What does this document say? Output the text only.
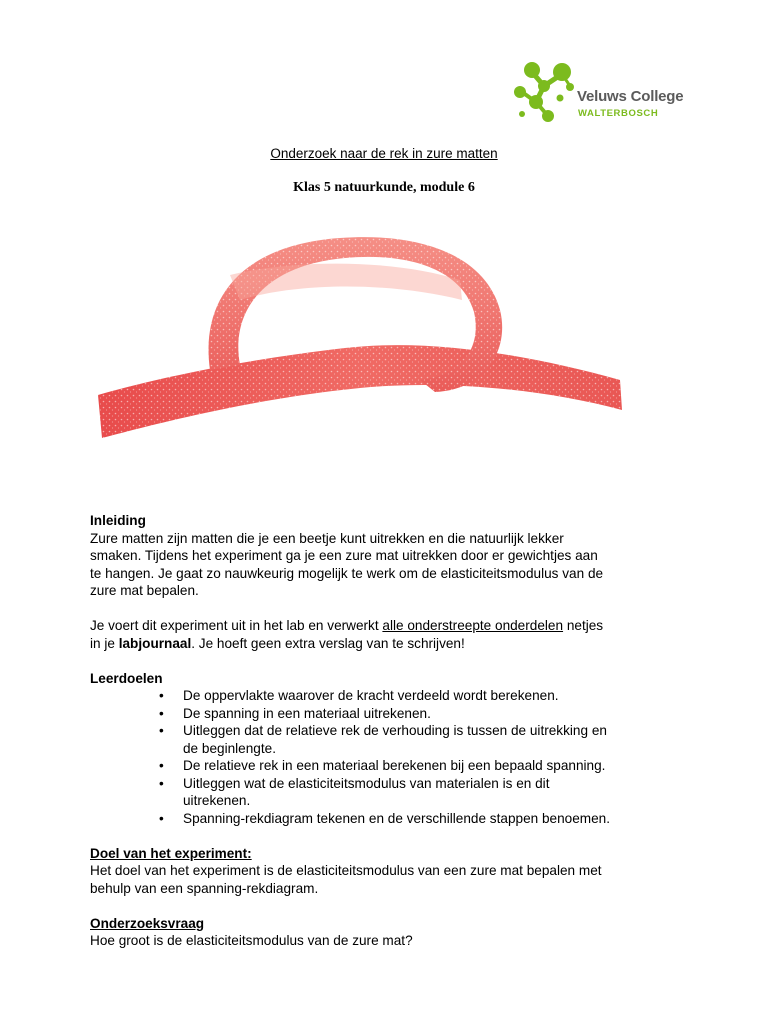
Veluws College
WALTERBOSCH
Onderzoek naar de rek in zure matten
Klas 5 natuurkunde, module 6

Inleiding

Zure matten zijn matten die je een beetje kunt uitrekken en die natuurlijk lekker

smaken. Tijdens het experiment ga je een zure mat uitrekken door er gewichtjes aan

te hangen. Je gaat zo nauwkeurig mogelijk te werk om de elasticiteitsmodulus van de

zure mat bepalen.

Je voert dit experiment uit in het lab en verwerkt alle onderstreepte onderdelen netjes

in je labjournaal. Je hoeft geen extra verslag van te schrijven!

Leerdoelen

• De oppervlakte waarover de kracht verdeeld wordt berekenen.
• De spanning in een materiaal uitrekenen.
• Uitleggen dat de relatieve rek de verhouding is tussen de uitrekking en
de beginlengte.
• De relatieve rek in een materiaal berekenen bij een bepaald spanning.
• Uitleggen wat de elasticiteitsmodulus van materialen is en dit
uitrekenen.
• Spanning-rekdiagram tekenen en de verschillende stappen benoemen.

Doel van het experiment:

Het doel van het experiment is de elasticiteitsmodulus van een zure mat bepalen met

behulp van een spanning-rekdiagram.

Onderzoeksvraag

Hoe groot is de elasticiteitsmodulus van de zure mat?
